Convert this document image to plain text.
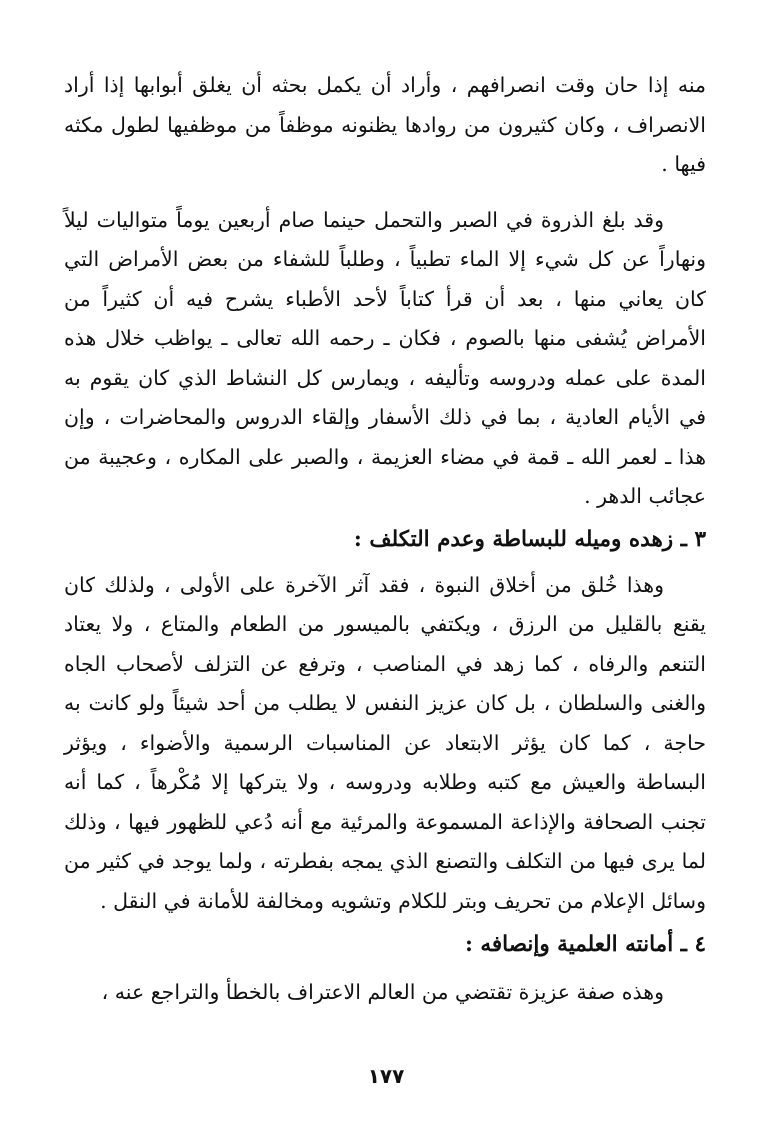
منه إذا حان وقت انصرافهم ، وأراد أن يكمل بحثه أن يغلق أبوابها إذا أراد الانصراف ، وكان كثيرون من روادها يظنونه موظفاً من موظفيها لطول مكثه فيها .

وقد بلغ الذروة في الصبر والتحمل حينما صام أربعين يوماً متواليات ليلاً ونهاراً عن كل شيء إلا الماء تطبياً ، وطلباً للشفاء من بعض الأمراض التي كان يعاني منها ، بعد أن قرأ كتاباً لأحد الأطباء يشرح فيه أن كثيراً من الأمراض يُشفى منها بالصوم ، فكان ـ رحمه الله تعالى ـ يواظب خلال هذه المدة على عمله ودروسه وتأليفه ، ويمارس كل النشاط الذي كان يقوم به في الأيام العادية ، بما في ذلك الأسفار وإلقاء الدروس والمحاضرات ، وإن هذا ـ لعمر الله ـ قمة في مضاء العزيمة ، والصبر على المكاره ، وعجيبة من عجائب الدهر .

٣ ـ زهده وميله للبساطة وعدم التكلف :

وهذا خُلق من أخلاق النبوة ، فقد آثر الآخرة على الأولى ، ولذلك كان يقنع بالقليل من الرزق ، ويكتفي بالميسور من الطعام والمتاع ، ولا يعتاد التنعم والرفاه ، كما زهد في المناصب ، وترفع عن التزلف لأصحاب الجاه والغنى والسلطان ، بل كان عزيز النفس لا يطلب من أحد شيئاً ولو كانت به حاجة ، كما كان يؤثر الابتعاد عن المناسبات الرسمية والأضواء ، ويؤثر البساطة والعيش مع كتبه وطلابه ودروسه ، ولا يتركها إلا مُكْرهاً ، كما أنه تجنب الصحافة والإذاعة المسموعة والمرئية مع أنه دُعي للظهور فيها ، وذلك لما يرى فيها من التكلف والتصنع الذي يمجه بفطرته ، ولما يوجد في كثير من وسائل الإعلام من تحريف وبتر للكلام وتشويه ومخالفة للأمانة في النقل .

٤ ـ أمانته العلمية وإنصافه :

وهذه صفة عزيزة تقتضي من العالم الاعتراف بالخطأ والتراجع عنه ،

١٧٧
